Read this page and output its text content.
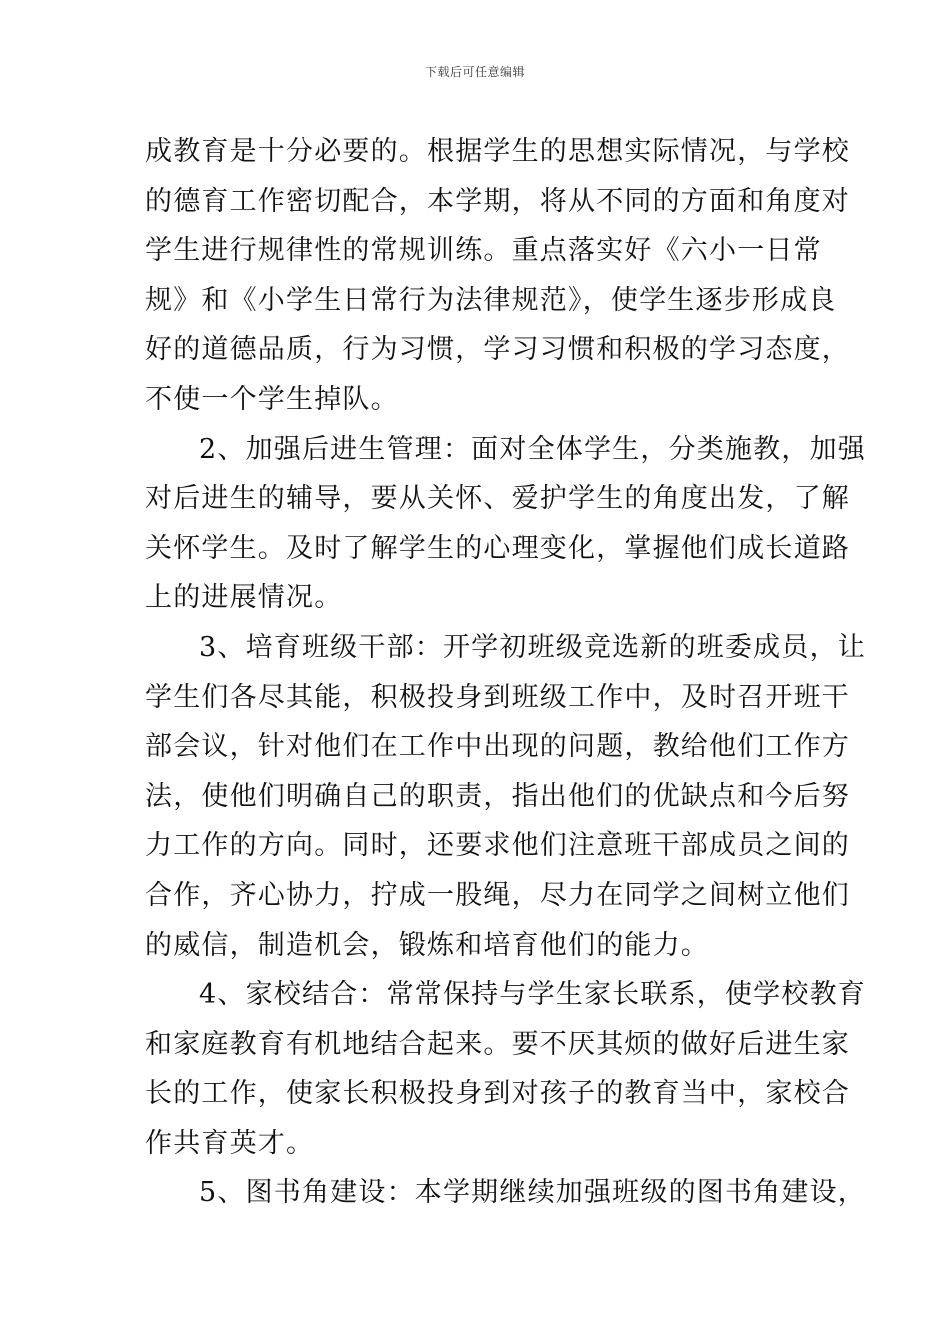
下载后可任意编辑
成教育是十分必要的。根据学生的思想实际情况，与学校
的德育工作密切配合，本学期，将从不同的方面和角度对
学生进行规律性的常规训练。重点落实好《六小一日常
规》和《小学生日常行为法律规范》，使学生逐步形成良
好的道德品质，行为习惯，学习习惯和积极的学习态度，
不使一个学生掉队。
2、加强后进生管理：面对全体学生，分类施教，加强
对后进生的辅导，要从关怀、爱护学生的角度出发，了解
关怀学生。及时了解学生的心理变化，掌握他们成长道路
上的进展情况。
3、培育班级干部：开学初班级竞选新的班委成员，让
学生们各尽其能，积极投身到班级工作中，及时召开班干
部会议，针对他们在工作中出现的问题，教给他们工作方
法，使他们明确自己的职责，指出他们的优缺点和今后努
力工作的方向。同时，还要求他们注意班干部成员之间的
合作，齐心协力，拧成一股绳，尽力在同学之间树立他们
的威信，制造机会，锻炼和培育他们的能力。
4、家校结合：常常保持与学生家长联系，使学校教育
和家庭教育有机地结合起来。要不厌其烦的做好后进生家
长的工作，使家长积极投身到对孩子的教育当中，家校合
作共育英才。
5、图书角建设：本学期继续加强班级的图书角建设，
